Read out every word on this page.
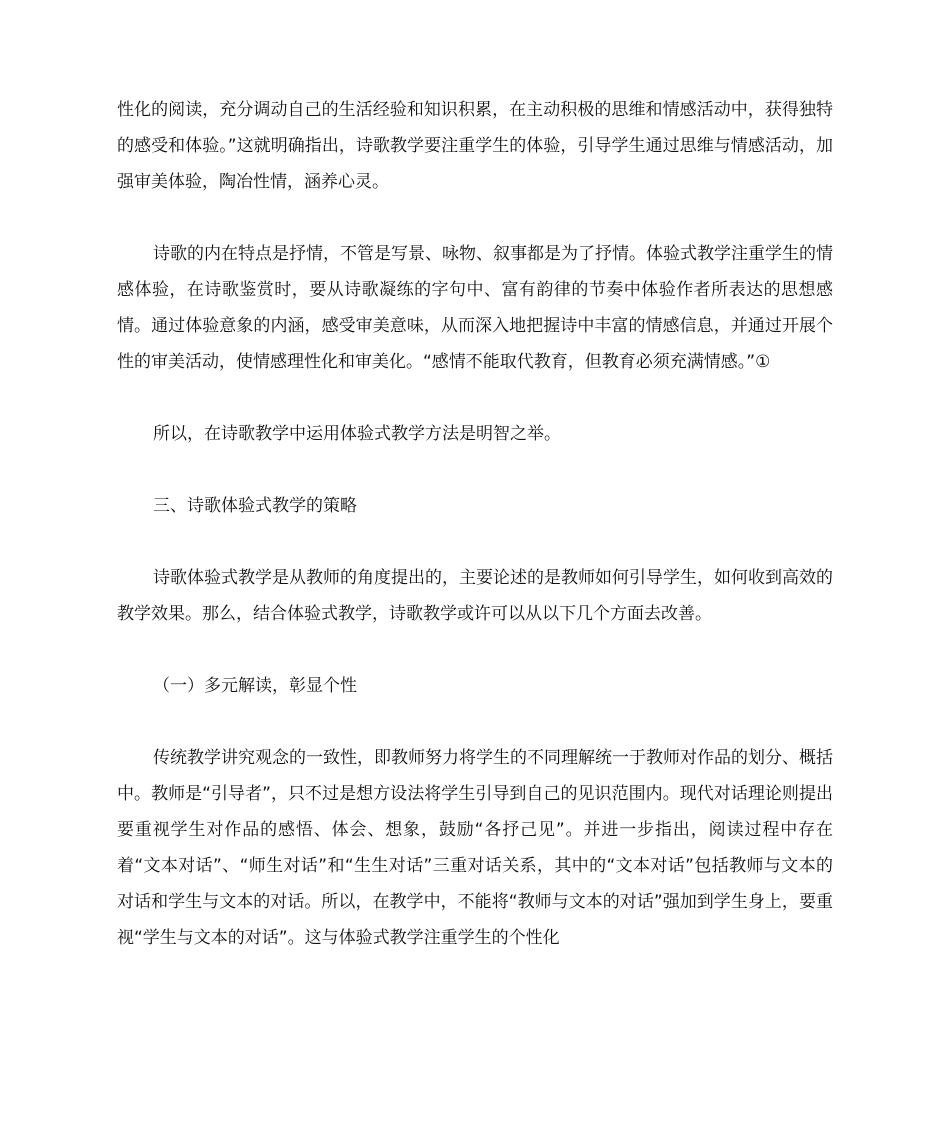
性化的阅读，充分调动自己的生活经验和知识积累，在主动积极的思维和情感活动中，获得独特的感受和体验。”这就明确指出，诗歌教学要注重学生的体验，引导学生通过思维与情感活动，加强审美体验，陶冶性情，涵养心灵。

诗歌的内在特点是抒情，不管是写景、咏物、叙事都是为了抒情。体验式教学注重学生的情感体验，在诗歌鉴赏时，要从诗歌凝练的字句中、富有韵律的节奏中体验作者所表达的思想感情。通过体验意象的内涵，感受审美意味，从而深入地把握诗中丰富的情感信息，并通过开展个性的审美活动，使情感理性化和审美化。“感情不能取代教育，但教育必须充满情感。”①

所以，在诗歌教学中运用体验式教学方法是明智之举。

三、诗歌体验式教学的策略

诗歌体验式教学是从教师的角度提出的，主要论述的是教师如何引导学生，如何收到高效的教学效果。那么，结合体验式教学，诗歌教学或许可以从以下几个方面去改善。

（一）多元解读，彰显个性

传统教学讲究观念的一致性，即教师努力将学生的不同理解统一于教师对作品的划分、概括中。教师是“引导者”，只不过是想方设法将学生引导到自己的见识范围内。现代对话理论则提出要重视学生对作品的感悟、体会、想象，鼓励“各抒己见”。并进一步指出，阅读过程中存在着“文本对话”、“师生对话”和“生生对话”三重对话关系，其中的“文本对话”包括教师与文本的对话和学生与文本的对话。所以，在教学中，不能将“教师与文本的对话”强加到学生身上，要重视“学生与文本的对话”。这与体验式教学注重学生的个性化
